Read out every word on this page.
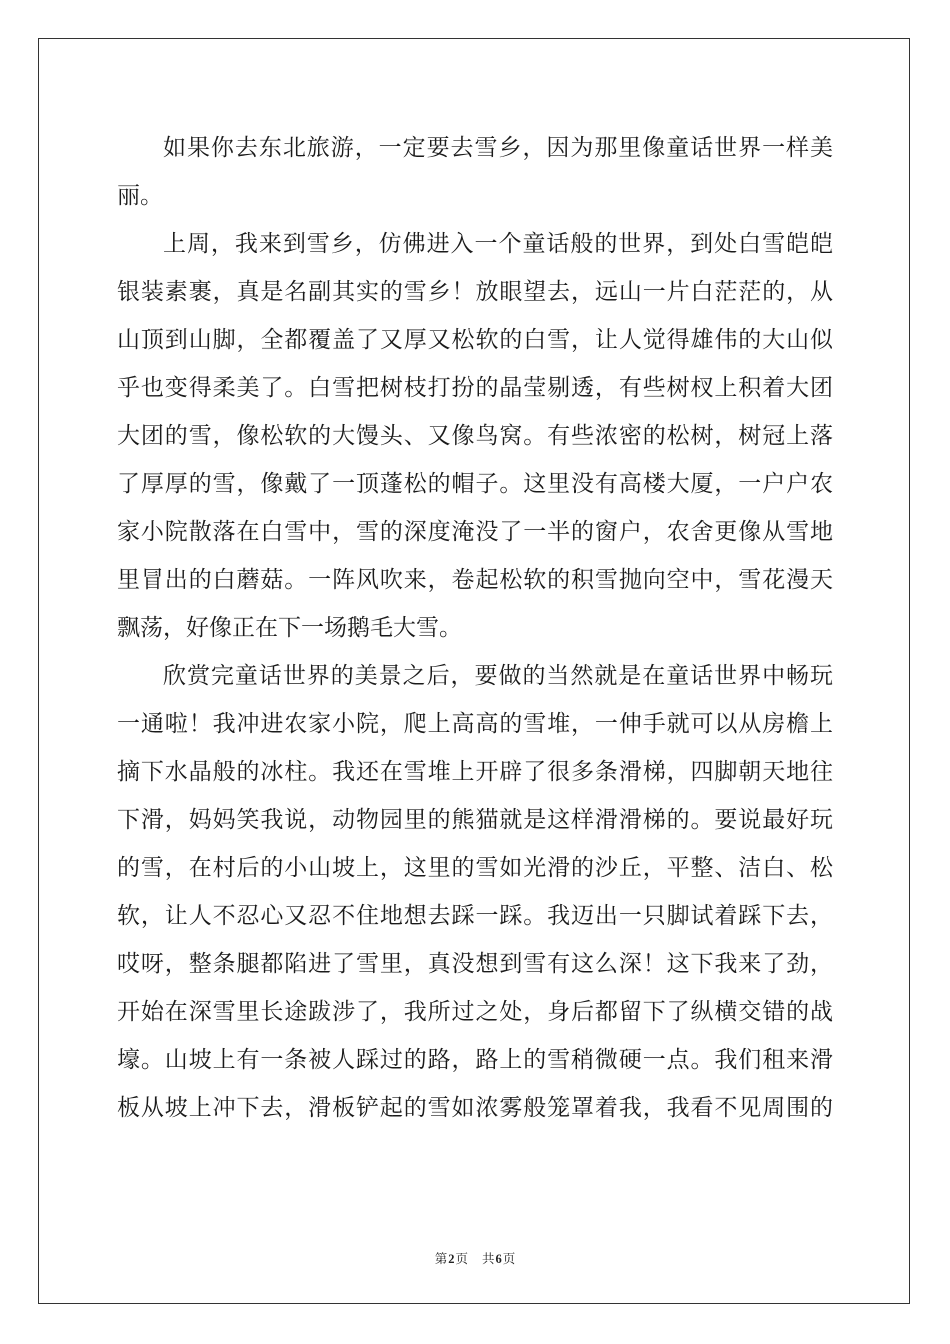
如果你去东北旅游，一定要去雪乡，因为那里像童话世界一样美
丽。
上周，我来到雪乡，仿佛进入一个童话般的世界，到处白雪皑皑
银装素裹，真是名副其实的雪乡！放眼望去，远山一片白茫茫的，从
山顶到山脚，全都覆盖了又厚又松软的白雪，让人觉得雄伟的大山似
乎也变得柔美了。白雪把树枝打扮的晶莹剔透，有些树杈上积着大团
大团的雪，像松软的大馒头、又像鸟窝。有些浓密的松树，树冠上落
了厚厚的雪，像戴了一顶蓬松的帽子。这里没有高楼大厦，一户户农
家小院散落在白雪中，雪的深度淹没了一半的窗户，农舍更像从雪地
里冒出的白蘑菇。一阵风吹来，卷起松软的积雪抛向空中，雪花漫天
飘荡，好像正在下一场鹅毛大雪。
欣赏完童话世界的美景之后，要做的当然就是在童话世界中畅玩
一通啦！我冲进农家小院，爬上高高的雪堆，一伸手就可以从房檐上
摘下水晶般的冰柱。我还在雪堆上开辟了很多条滑梯，四脚朝天地往
下滑，妈妈笑我说，动物园里的熊猫就是这样滑滑梯的。要说最好玩
的雪，在村后的小山坡上，这里的雪如光滑的沙丘，平整、洁白、松
软，让人不忍心又忍不住地想去踩一踩。我迈出一只脚试着踩下去，
哎呀，整条腿都陷进了雪里，真没想到雪有这么深！这下我来了劲，
开始在深雪里长途跋涉了，我所过之处，身后都留下了纵横交错的战
壕。山坡上有一条被人踩过的路，路上的雪稍微硬一点。我们租来滑
板从坡上冲下去，滑板铲起的雪如浓雾般笼罩着我，我看不见周围的
第2页 共6页
